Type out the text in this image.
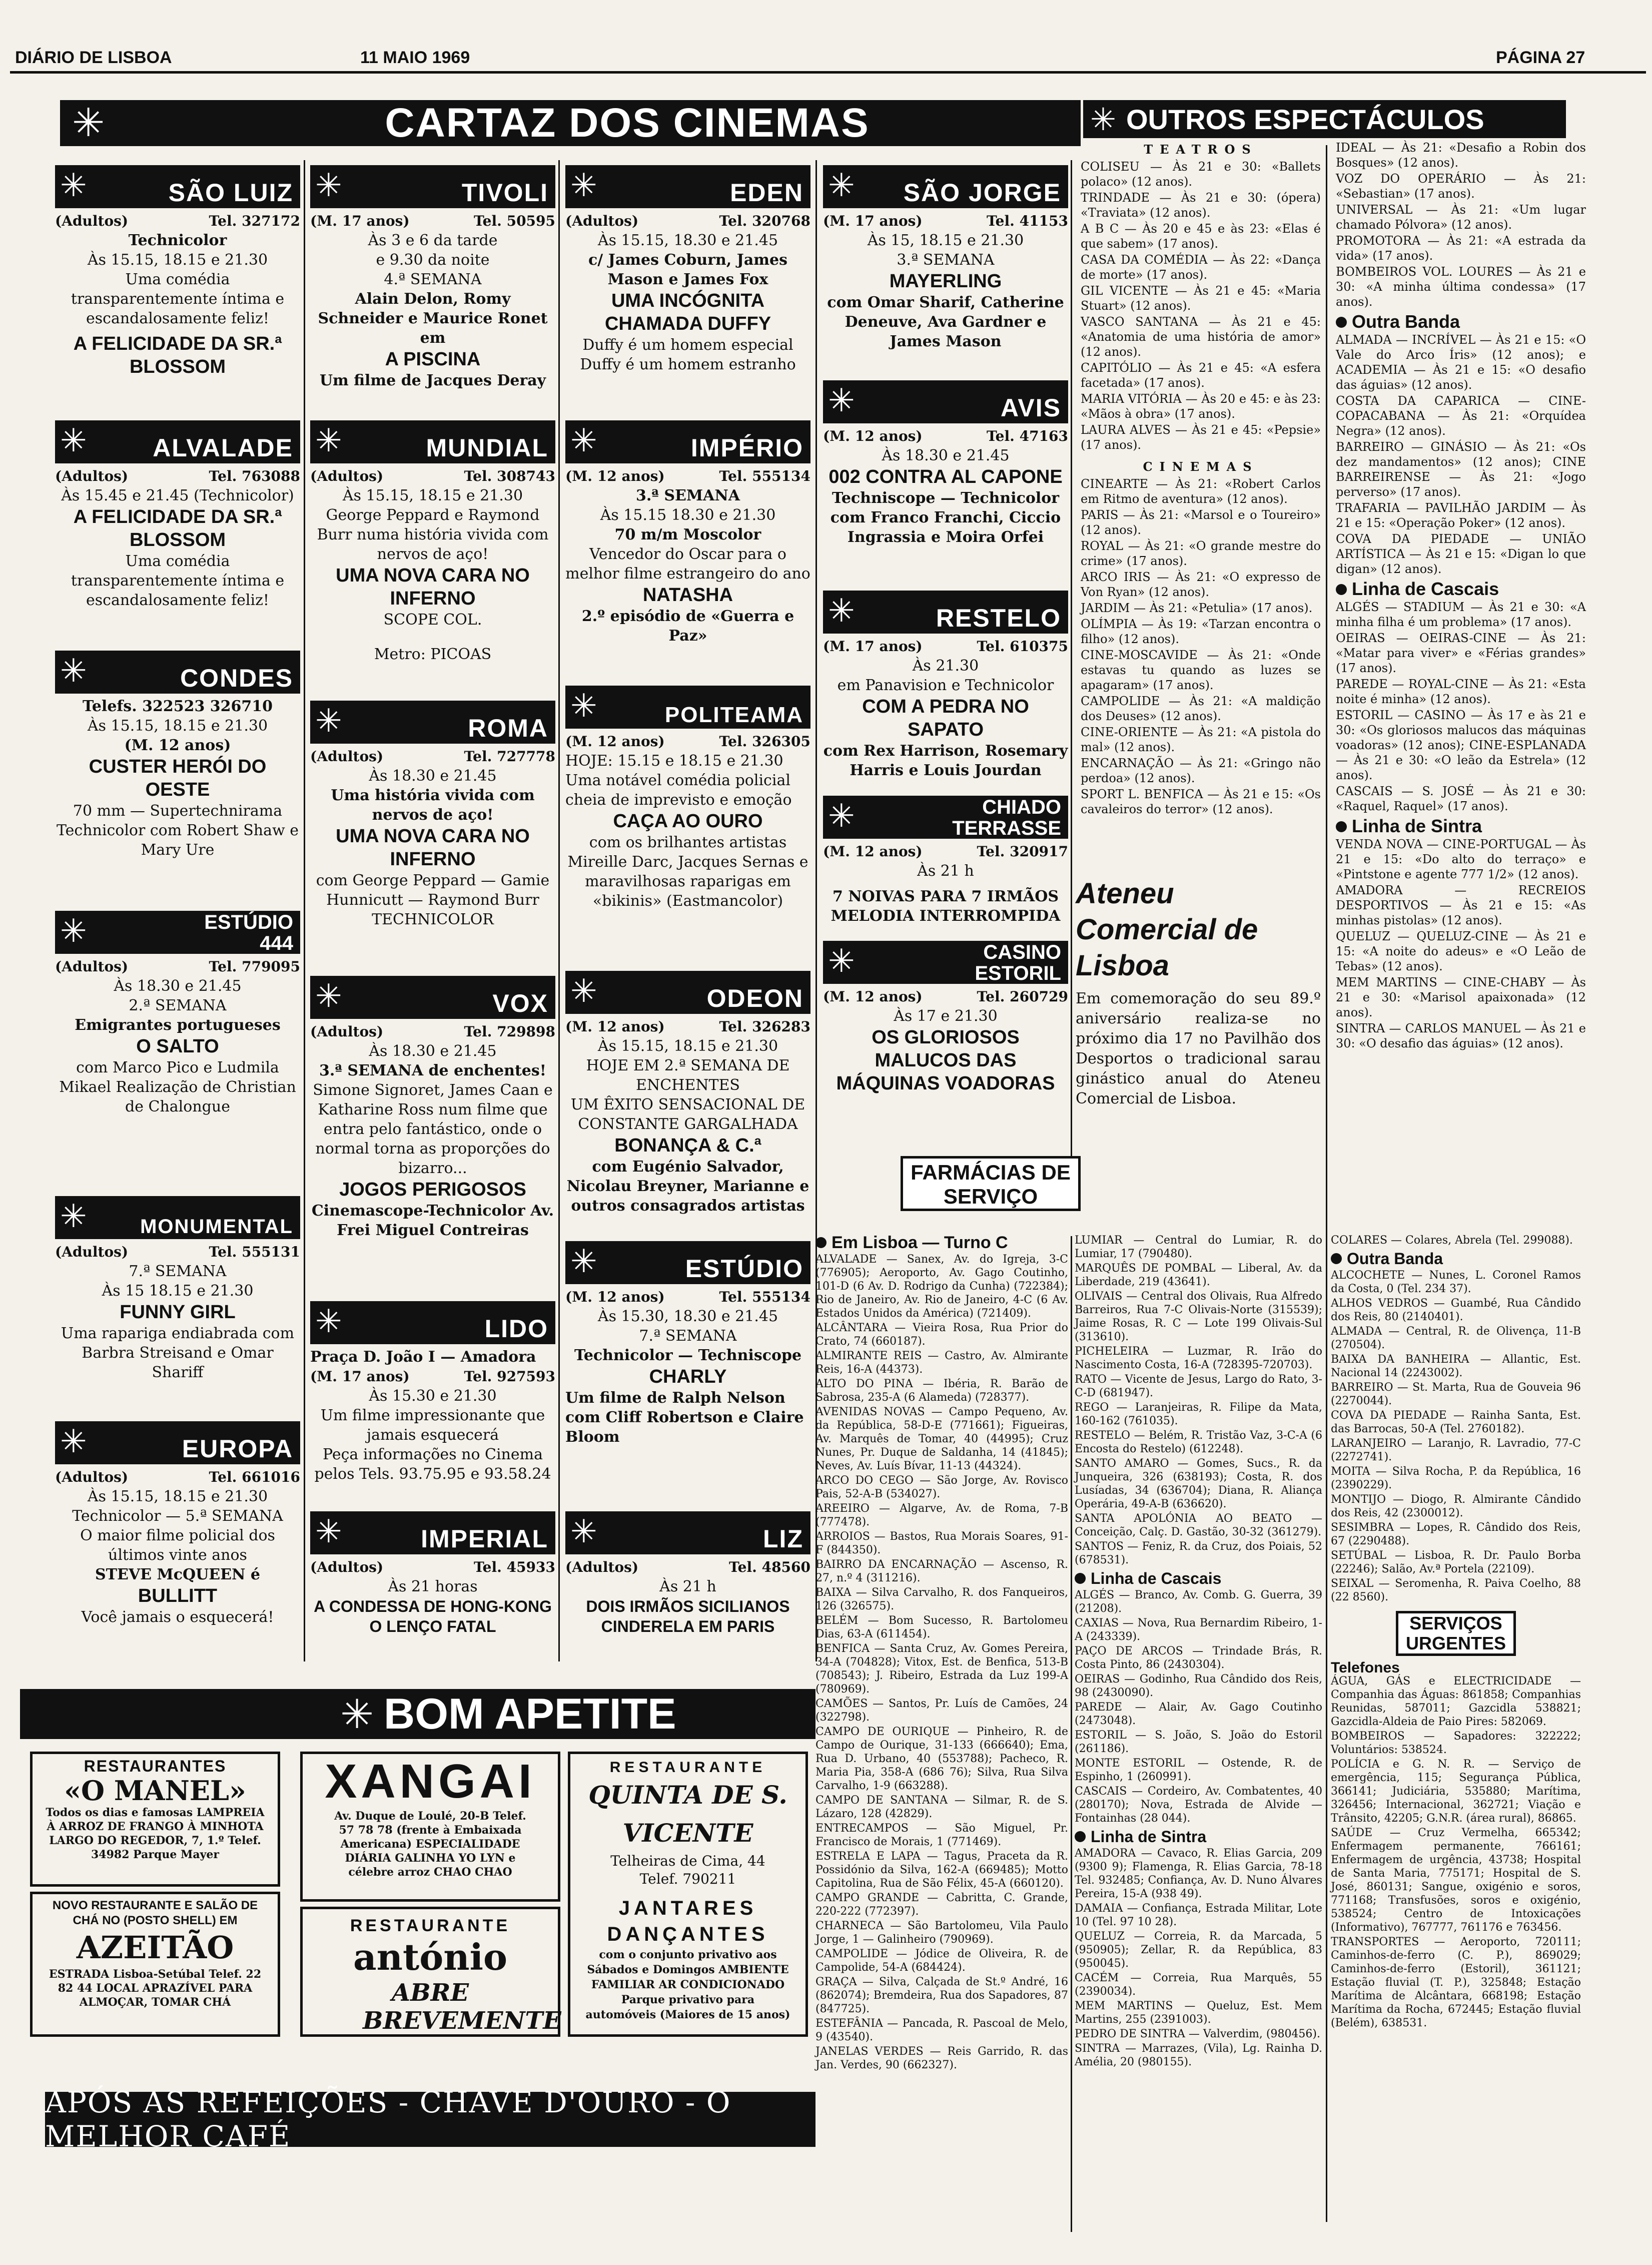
DIÁRIO DE LISBOA	11 MAIO 1969	PÁGINA 27
✳	CARTAZ DOS CINEMAS	✳ OUTROS ESPECTÁCULOS
✳	SÃO LUIZ
(Adultos)	Tel. 327172
Technicolor
Às 15.15, 18.15 e 21.30
Uma comédia transparentemente íntima e escandalosamente feliz!
A FELICIDADE DA SR.ª BLOSSOM
✳	ALVALADE
(Adultos)	Tel. 763088
Às 15.45 e 21.45 (Technicolor)
A FELICIDADE DA SR.ª BLOSSOM
Uma comédia transparentemente íntima e escandalosamente feliz!
✳	CONDES
Telefs. 322523 326710
Às 15.15, 18.15 e 21.30
(M. 12 anos)
CUSTER HERÓI DO OESTE
70 mm — Supertechnirama Technicolor com Robert Shaw e Mary Ure
✳	ESTÚDIO 444
(Adultos)	Tel. 779095
Às 18.30 e 21.45
2.ª SEMANA
Emigrantes portugueses
O SALTO
com Marco Pico e Ludmila Mikael Realização de Christian de Chalongue
✳	MONUMENTAL
(Adultos)	Tel. 555131
7.ª SEMANA
Às 15 18.15 e 21.30
FUNNY GIRL
Uma rapariga endiabrada com Barbra Streisand e Omar Shariff
✳	EUROPA
(Adultos)	Tel. 661016
Às 15.15, 18.15 e 21.30
Technicolor — 5.ª SEMANA
O maior filme policial dos últimos vinte anos
STEVE McQUEEN é
BULLITT
Você jamais o esquecerá!
✳	TIVOLI
(M. 17 anos)	Tel. 50595
Às 3 e 6 da tarde
e 9.30 da noite
4.ª SEMANA
Alain Delon, Romy Schneider e Maurice Ronet em
A PISCINA
Um filme de Jacques Deray
✳	MUNDIAL
(Adultos)	Tel. 308743
Às 15.15, 18.15 e 21.30
George Peppard e Raymond Burr numa história vivida com nervos de aço!
UMA NOVA CARA NO INFERNO
SCOPE COL.
Metro: PICOAS
✳	ROMA
(Adultos)	Tel. 727778
Às 18.30 e 21.45
Uma história vivida com nervos de aço!
UMA NOVA CARA NO INFERNO
com George Peppard — Gamie Hunnicutt — Raymond Burr TECHNICOLOR
✳	VOX
(Adultos)	Tel. 729898
Às 18.30 e 21.45
3.ª SEMANA de enchentes!
Simone Signoret, James Caan e Katharine Ross num filme que entra pelo fantástico, onde o normal torna as proporções do bizarro...
JOGOS PERIGOSOS
Cinemascope-Technicolor Av. Frei Miguel Contreiras
✳	LIDO
Praça D. João I — Amadora
(M. 17 anos)	Tel. 927593
Às 15.30 e 21.30
Um filme impressionante que jamais esquecerá
Peça informações no Cinema pelos Tels. 93.75.95 e 93.58.24
✳	IMPERIAL
(Adultos)	Tel. 45933
Às 21 horas
A CONDESSA DE HONG-KONG O LENÇO FATAL
✳	EDEN
(Adultos)	Tel. 320768
Às 15.15, 18.30 e 21.45
c/ James Coburn, James Mason e James Fox
UMA INCÓGNITA CHAMADA DUFFY
Duffy é um homem especial Duffy é um homem estranho
✳	IMPÉRIO
(M. 12 anos)	Tel. 555134
3.ª SEMANA
Às 15.15 18.30 e 21.30
70 m/m Moscolor
Vencedor do Oscar para o melhor filme estrangeiro do ano
NATASHA
2.º episódio de «Guerra e Paz»
✳	POLITEAMA
(M. 12 anos)	Tel. 326305
HOJE: 15.15 e 18.15 e 21.30
Uma notável comédia policial cheia de imprevisto e emoção
CAÇA AO OURO
com os brilhantes artistas Mireille Darc, Jacques Sernas e maravilhosas raparigas em «bikinis» (Eastmancolor)
✳	ODEON
(M. 12 anos)	Tel. 326283
Às 15.15, 18.15 e 21.30
HOJE EM 2.ª SEMANA DE ENCHENTES
UM ÊXITO SENSACIONAL DE CONSTANTE GARGALHADA
BONANÇA & C.ª
com Eugénio Salvador, Nicolau Breyner, Marianne e outros consagrados artistas
✳	ESTÚDIO
(M. 12 anos)	Tel. 555134
Às 15.30, 18.30 e 21.45
7.ª SEMANA
Technicolor — Techniscope
CHARLY
Um filme de Ralph Nelson com Cliff Robertson e Claire Bloom
✳	LIZ
(Adultos)	Tel. 48560
Às 21 h
DOIS IRMÃOS SICILIANOS CINDERELA EM PARIS
✳ SÃO JORGE
(M. 17 anos)	Tel. 41153
Às 15, 18.15 e 21.30
3.ª SEMANA
MAYERLING
com Omar Sharif, Catherine Deneuve, Ava Gardner e James Mason
✳	AVIS
(M. 12 anos)	Tel. 47163
Às 18.30 e 21.45
002 CONTRA AL CAPONE
Techniscope — Technicolor com Franco Franchi, Ciccio Ingrassia e Moira Orfei
✳	RESTELO
(M. 17 anos)	Tel. 610375
Às 21.30
em Panavision e Technicolor
COM A PEDRA NO SAPATO
com Rex Harrison, Rosemary Harris e Louis Jourdan
✳	CHIADO TERRASSE
(M. 12 anos)	Tel. 320917
Às 21 h
7 NOIVAS PARA 7 IRMÃOS MELODIA INTERROMPIDA
✳	CASINO ESTORIL
(M. 12 anos)	Tel. 260729
Às 17 e 21.30
OS GLORIOSOS MALUCOS DAS MÁQUINAS VOADORAS
TEATROS

COLISEU — Às 21 e 30: «Ballets polaco» (12 anos).

TRINDADE — Às 21 e 30: (ópera) «Traviata» (12 anos).

A B C — Às 20 e 45 e às 23: «Elas é que sabem» (17 anos).

CASA DA COMÉDIA — Às 22: «Dança de morte» (17 anos).

GIL VICENTE — Às 21 e 45: «Maria Stuart» (12 anos).

VASCO SANTANA — Às 21 e 45: «Anatomia de uma história de amor» (12 anos).

CAPITÓLIO — Às 21 e 45: «A esfera facetada» (17 anos).

MARIA VITÓRIA — Às 20 e 45: e às 23: «Mãos à obra» (17 anos).

LAURA ALVES — Às 21 e 45: «Pepsie» (17 anos).

CINEMAS

CINEARTE — Às 21: «Robert Carlos em Ritmo de aventura» (12 anos).

PARIS — Às 21: «Marsol e o Toureiro» (12 anos).

ROYAL — Às 21: «O grande mestre do crime» (17 anos).

ARCO IRIS — Às 21: «O expresso de Von Ryan» (12 anos).

JARDIM — Às 21: «Petulia» (17 anos).

OLÍMPIA — Às 19: «Tarzan encontra o filho» (12 anos).

CINE-MOSCAVIDE — Às 21: «Onde estavas tu quando as luzes se apagaram» (17 anos).

CAMPOLIDE — Às 21: «A maldição dos Deuses» (12 anos).

CINE-ORIENTE — Às 21: «A pistola do mal» (12 anos).

ENCARNAÇÃO — Às 21: «Gringo não perdoa» (12 anos).

SPORT L. BENFICA — Às 21 e 15: «Os cavaleiros do terror» (12 anos).

Ateneu Comercial de Lisboa
Em comemoração do seu 89.º aniversário realiza-se no próximo dia 17 no Pavilhão dos Desportos o tradicional sarau ginástico anual do Ateneu Comercial de Lisboa.

IDEAL — Às 21: «Desafio a Robin dos Bosques» (12 anos).

VOZ DO OPERÁRIO — Às 21: «Sebastian» (17 anos).

UNIVERSAL — Às 21: «Um lugar chamado Pólvora» (12 anos).

PROMOTORA — Às 21: «A estrada da vida» (17 anos).

BOMBEIROS VOL. LOURES — Às 21 e 30: «A minha última condessa» (17 anos).

Outra Banda

ALMADA — INCRÍVEL — Às 21 e 15: «O Vale do Arco Íris» (12 anos); e ACADEMIA — Às 21 e 15: «O desafio das águias» (12 anos).

COSTA DA CAPARICA — CINE-COPACABANA — Às 21: «Orquídea Negra» (12 anos).

BARREIRO — GINÁSIO — Às 21: «Os dez mandamentos» (12 anos); CINE BARREIRENSE — Às 21: «Jogo perverso» (17 anos).

TRAFARIA — PAVILHÃO JARDIM — Às 21 e 15: «Operação Poker» (12 anos).

COVA DA PIEDADE — UNIÃO ARTÍSTICA — Às 21 e 15: «Digan lo que digan» (12 anos).

Linha de Cascais

ALGÉS — STADIUM — Às 21 e 30: «A minha filha é um problema» (17 anos).

OEIRAS — OEIRAS-CINE — Às 21: «Matar para viver» e «Férias grandes» (17 anos).

PAREDE — ROYAL-CINE — Às 21: «Esta noite é minha» (12 anos).

ESTORIL — CASINO — Às 17 e às 21 e 30: «Os gloriosos malucos das máquinas voadoras» (12 anos); CINE-ESPLANADA — Às 21 e 30: «O leão da Estrela» (12 anos).

CASCAIS — S. JOSÉ — Às 21 e 30: «Raquel, Raquel» (17 anos).

Linha de Sintra

VENDA NOVA — CINE-PORTUGAL — Às 21 e 15: «Do alto do terraço» e «Pintstone e agente 777 1/2» (12 anos).

AMADORA — RECREIOS DESPORTIVOS — Às 21 e 15: «As minhas pistolas» (12 anos).

QUELUZ — QUELUZ-CINE — Às 21 e 15: «A noite do adeus» e «O Leão de Tebas» (12 anos).

MEM MARTINS — CINE-CHABY — Às 21 e 30: «Marisol apaixonada» (12 anos).

SINTRA — CARLOS MANUEL — Às 21 e 30: «O desafio das águias» (12 anos).

FARMÁCIAS DE SERVIÇO
Em Lisboa — Turno C

ALVALADE — Sanex, Av. do Igreja, 3-C (776905); Aeroporto, Av. Gago Coutinho, 101-D (6 Av. D. Rodrigo da Cunha) (722384); Rio de Janeiro, Av. Rio de Janeiro, 4-C (6 Av. Estados Unidos da América) (721409).

ALCÂNTARA — Vieira Rosa, Rua Prior do Crato, 74 (660187).

ALMIRANTE REIS — Castro, Av. Almirante Reis, 16-A (44373).

ALTO DO PINA — Ibéria, R. Barão de Sabrosa, 235-A (6 Alameda) (728377).

AVENIDAS NOVAS — Campo Pequeno, Av. da República, 58-D-E (771661); Figueiras, Av. Marquês de Tomar, 40 (44995); Cruz Nunes, Pr. Duque de Saldanha, 14 (41845); Neves, Av. Luís Bívar, 11-13 (44324).

ARCO DO CEGO — São Jorge, Av. Rovisco Pais, 52-A-B (534027).

AREEIRO — Algarve, Av. de Roma, 7-B (777478).

ARROIOS — Bastos, Rua Morais Soares, 91-F (844350).

BAIRRO DA ENCARNAÇÃO — Ascenso, R. 27, n.º 4 (311216).

BAIXA — Silva Carvalho, R. dos Fanqueiros, 126 (326575).

BELÉM — Bom Sucesso, R. Bartolomeu Dias, 63-A (611454).

BENFICA — Santa Cruz, Av. Gomes Pereira, 34-A (704828); Vitox, Est. de Benfica, 513-B (708543); J. Ribeiro, Estrada da Luz 199-A (780969).

CAMÕES — Santos, Pr. Luís de Camões, 24 (322798).

CAMPO DE OURIQUE — Pinheiro, R. de Campo de Ourique, 31-133 (666640); Ema, Rua D. Urbano, 40 (553788); Pacheco, R. Maria Pia, 358-A (686 76); Silva, Rua Silva Carvalho, 1-9 (663288).

CAMPO DE SANTANA — Silmar, R. de S. Lázaro, 128 (42829).

ENTRECAMPOS — São Miguel, Pr. Francisco de Morais, 1 (771469).

ESTRELA E LAPA — Tagus, Praceta da R. Possidónio da Silva, 162-A (669485); Motto Capitolina, Rua de São Félix, 45-A (660120).

CAMPO GRANDE — Cabritta, C. Grande, 220-222 (772397).

CHARNECA — São Bartolomeu, Vila Paulo Jorge, 1 — Galinheiro (790969).

CAMPOLIDE — Jódice de Oliveira, R. de Campolide, 54-A (684424).

GRAÇA — Silva, Calçada de St.º André, 16 (862074); Bremdeira, Rua dos Sapadores, 87 (847725).

ESTEFÂNIA — Pancada, R. Pascoal de Melo, 9 (43540).

JANELAS VERDES — Reis Garrido, R. das Jan. Verdes, 90 (662327).

LUMIAR — Central do Lumiar, R. do Lumiar, 17 (790480).

MARQUÊS DE POMBAL — Liberal, Av. da Liberdade, 219 (43641).

OLIVAIS — Central dos Olivais, Rua Alfredo Barreiros, Rua 7-C Olivais-Norte (315539); Jaime Rosas, R. C — Lote 199 Olivais-Sul (313610).

PICHELEIRA — Luzmar, R. Irão do Nascimento Costa, 16-A (728395-720703).

RATO — Vicente de Jesus, Largo do Rato, 3-C-D (681947).

REGO — Laranjeiras, R. Filipe da Mata, 160-162 (761035).

RESTELO — Belém, R. Tristão Vaz, 3-C-A (6 Encosta do Restelo) (612248).

SANTO AMARO — Gomes, Sucs., R. da Junqueira, 326 (638193); Costa, R. dos Lusíadas, 34 (636704); Diana, R. Aliança Operária, 49-A-B (636620).

SANTA APOLÓNIA AO BEATO — Conceição, Calç. D. Gastão, 30-32 (361279).

SANTOS — Feniz, R. da Cruz, dos Poiais, 52 (678531).

Linha de Cascais

ALGÉS — Branco, Av. Comb. G. Guerra, 39 (21208).

CAXIAS — Nova, Rua Bernardim Ribeiro, 1-A (243339).

PAÇO DE ARCOS — Trindade Brás, R. Costa Pinto, 86 (2430304).

OEIRAS — Godinho, Rua Cândido dos Reis, 98 (2430090).

PAREDE — Alair, Av. Gago Coutinho (2473048).

ESTORIL — S. João, S. João do Estoril (261186).

MONTE ESTORIL — Ostende, R. de Espinho, 1 (260991).

CASCAIS — Cordeiro, Av. Combatentes, 40 (280170); Nova, Estrada de Alvide — Fontainhas (28 044).

Linha de Sintra

AMADORA — Cavaco, R. Elias Garcia, 209 (9300 9); Flamenga, R. Elias Garcia, 78-18 Tel. 932485; Confiança, Av. D. Nuno Álvares Pereira, 15-A (938 49).

DAMAIA — Confiança, Estrada Militar, Lote 10 (Tel. 97 10 28).

QUELUZ — Correia, R. da Marcada, 5 (950905); Zellar, R. da República, 83 (950045).

CACÉM — Correia, Rua Marquês, 55 (2390034).

MEM MARTINS — Queluz, Est. Mem Martins, 255 (2391003).

PEDRO DE SINTRA — Valverdim, (980456).

SINTRA — Marrazes, (Vila), Lg. Rainha D. Amélia, 20 (980155).

COLARES — Colares, Abrela (Tel. 299088).

Outra Banda

ALCOCHETE — Nunes, L. Coronel Ramos da Costa, 0 (Tel. 234 37).

ALHOS VEDROS — Guambé, Rua Cândido dos Reis, 80 (2140401).

ALMADA — Central, R. de Olivença, 11-B (270504).

BAIXA DA BANHEIRA — Allantic, Est. Nacional 14 (2243002).

BARREIRO — St. Marta, Rua de Gouveia 96 (2270044).

COVA DA PIEDADE — Rainha Santa, Est. das Barrocas, 50-A (Tel. 2760182).

LARANJEIRO — Laranjo, R. Lavradio, 77-C (2272741).

MOITA — Silva Rocha, P. da República, 16 (2390229).

MONTIJO — Diogo, R. Almirante Cândido dos Reis, 42 (2300012).

SESIMBRA — Lopes, R. Cândido dos Reis, 67 (2290488).

SETÚBAL — Lisboa, R. Dr. Paulo Borba (22246); Salão, Av.ª Portela (22109).

SEIXAL — Seromenha, R. Paiva Coelho, 88 (22 8560).

SERVIÇOS URGENTES
Telefones

ÁGUA, GÁS e ELECTRICIDADE — Companhia das Águas: 861858; Companhias Reunidas, 587011; Gazcidla 538821; Gazcidla-Aldeia de Paio Pires: 582069.

BOMBEIROS — Sapadores: 322222; Voluntários: 538524.

POLÍCIA e G. N. R. — Serviço de emergência, 115; Segurança Pública, 366141; Judiciária, 535880; Marítima, 326456; Internacional, 362721; Viação e Trânsito, 42205; G.N.R. (área rural), 86865.

SAÚDE — Cruz Vermelha, 665342; Enfermagem permanente, 766161; Enfermagem de urgência, 43738; Hospital de Santa Maria, 775171; Hospital de S. José, 860131; Sangue, oxigénio e soros, 771168; Transfusões, soros e oxigénio, 538524; Centro de Intoxicações (Informativo), 767777, 761176 e 763456.

TRANSPORTES — Aeroporto, 720111; Caminhos-de-ferro (C. P.), 869029; Caminhos-de-ferro (Estoril), 361121; Estação fluvial (T. P.), 325848; Estação Marítima de Alcântara, 668198; Estação Marítima da Rocha, 672445; Estação fluvial (Belém), 638531.

✳ BOM APETITE
RESTAURANTES
«O MANEL»
Todos os dias e famosas LAMPREIA À ARROZ DE FRANGO À MINHOTA LARGO DO REGEDOR, 7, 1.º Telef. 34982 Parque Mayer
NOVO RESTAURANTE E SALÃO DE CHÁ NO (POSTO SHELL) EM
AZEITÃO
ESTRADA Lisboa-Setúbal Telef. 22 82 44 LOCAL APRAZÍVEL PARA ALMOÇAR, TOMAR CHÁ
XANGAI
Av. Duque de Loulé, 20-B Telef. 57 78 78 (frente à Embaixada Americana) ESPECIALIDADE DIÁRIA GALINHA YO LYN e célebre arroz CHAO CHAO
RESTAURANTE
antónio
ABRE BREVEMENTE
RESTAURANTE
QUINTA DE S. VICENTE
Telheiras de Cima, 44 Telef. 790211
JANTARES DANÇANTES
com o conjunto privativo aos Sábados e Domingos AMBIENTE FAMILIAR AR CONDICIONADO Parque privativo para automóveis (Maiores de 15 anos)
APÓS AS REFEIÇÕES - CHAVE D'OURO - O MELHOR CAFÉ
